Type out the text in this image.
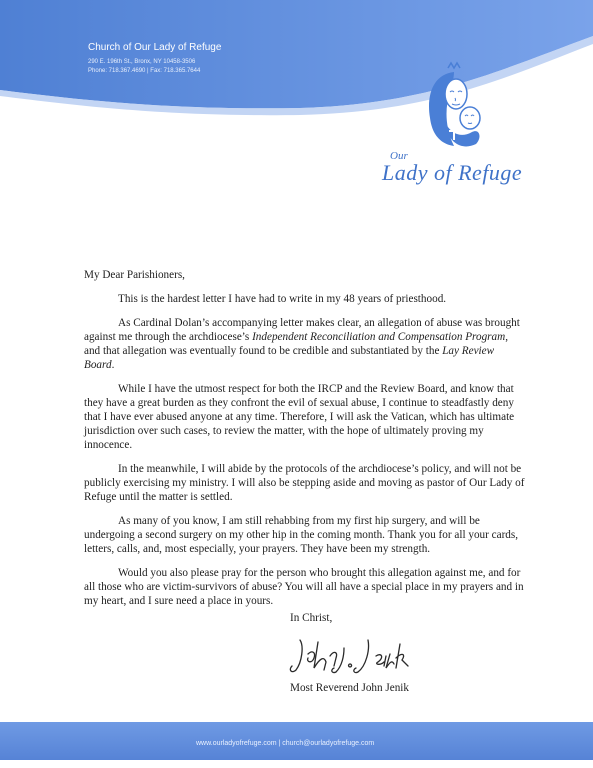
Church of Our Lady of Refuge
290 E. 196th St., Bronx, NY 10458-3506
Phone: 718.367.4690 | Fax: 718.365.7644
Our
Lady of Refuge

My Dear Parishioners,

This is the hardest letter I have had to write in my 48 years of priesthood.

As Cardinal Dolan’s accompanying letter makes clear, an allegation of abuse was brought against me through the archdiocese’s Independent Reconciliation and Compensation Program, and that allegation was eventually found to be credible and substantiated by the Lay Review Board.

While I have the utmost respect for both the IRCP and the Review Board, and know that they have a great burden as they confront the evil of sexual abuse, I continue to steadfastly deny that I have ever abused anyone at any time. Therefore, I will ask the Vatican, which has ultimate jurisdiction over such cases, to review the matter, with the hope of ultimately proving my innocence.

In the meanwhile, I will abide by the protocols of the archdiocese’s policy, and will not be publicly exercising my ministry. I will also be stepping aside and moving as pastor of Our Lady of Refuge until the matter is settled.

As many of you know, I am still rehabbing from my first hip surgery, and will be undergoing a second surgery on my other hip in the coming month. Thank you for all your cards, letters, calls, and, most especially, your prayers. They have been my strength.

Would you also please pray for the person who brought this allegation against me, and for all those who are victim-survivors of abuse? You will all have a special place in my prayers and in my heart, and I sure need a place in yours.

In Christ,
Most Reverend John Jenik
www.ourladyofrefuge.com | church@ourladyofrefuge.com
